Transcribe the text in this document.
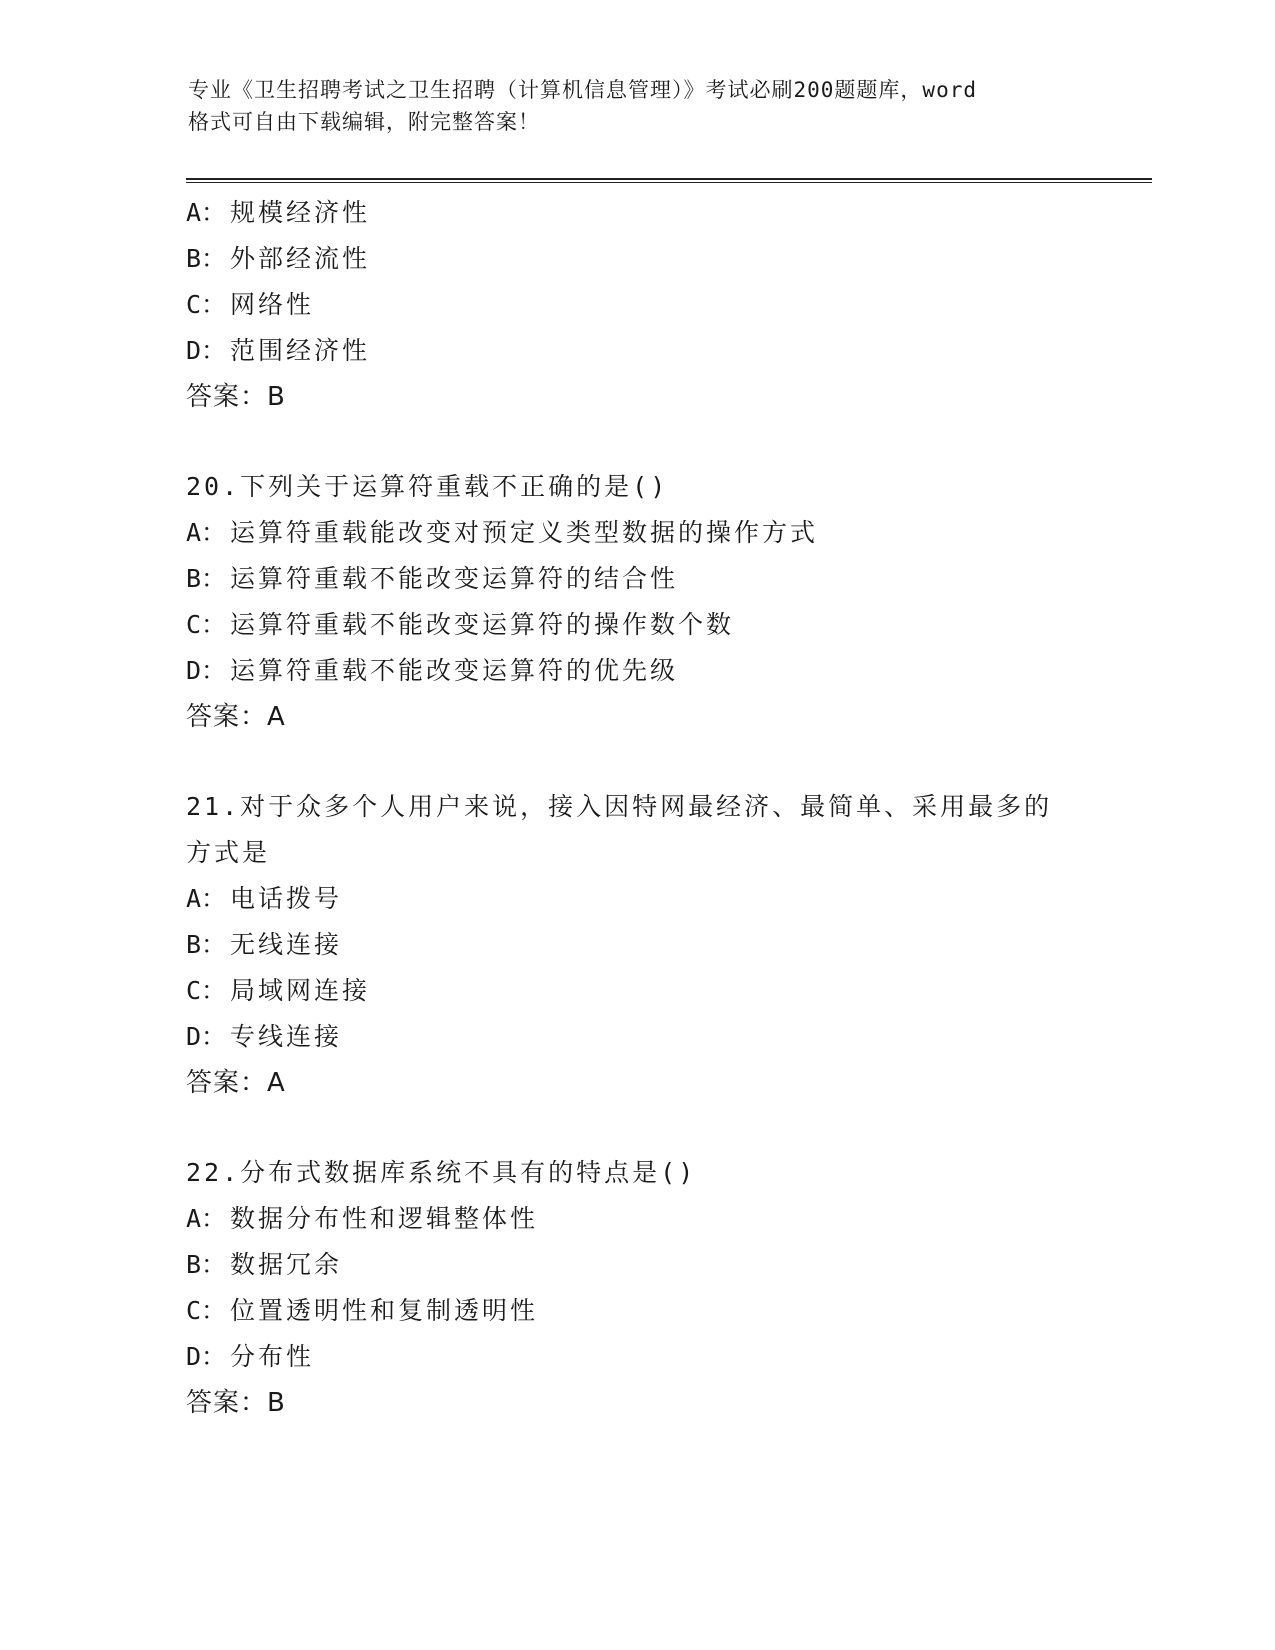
专业《卫生招聘考试之卫生招聘（计算机信息管理）》考试必刷200题题库，word
格式可自由下载编辑，附完整答案！
A： 规模经济性
B： 外部经流性
C： 网络性
D： 范围经济性
答案：B
20.下列关于运算符重载不正确的是()
A： 运算符重载能改变对预定义类型数据的操作方式
B： 运算符重载不能改变运算符的结合性
C： 运算符重载不能改变运算符的操作数个数
D： 运算符重载不能改变运算符的优先级
答案：A
21.对于众多个人用户来说，接入因特网最经济、最简单、采用最多的
方式是
A： 电话拨号
B： 无线连接
C： 局域网连接
D： 专线连接
答案：A
22.分布式数据库系统不具有的特点是()
A： 数据分布性和逻辑整体性
B： 数据冗余
C： 位置透明性和复制透明性
D： 分布性
答案：B
